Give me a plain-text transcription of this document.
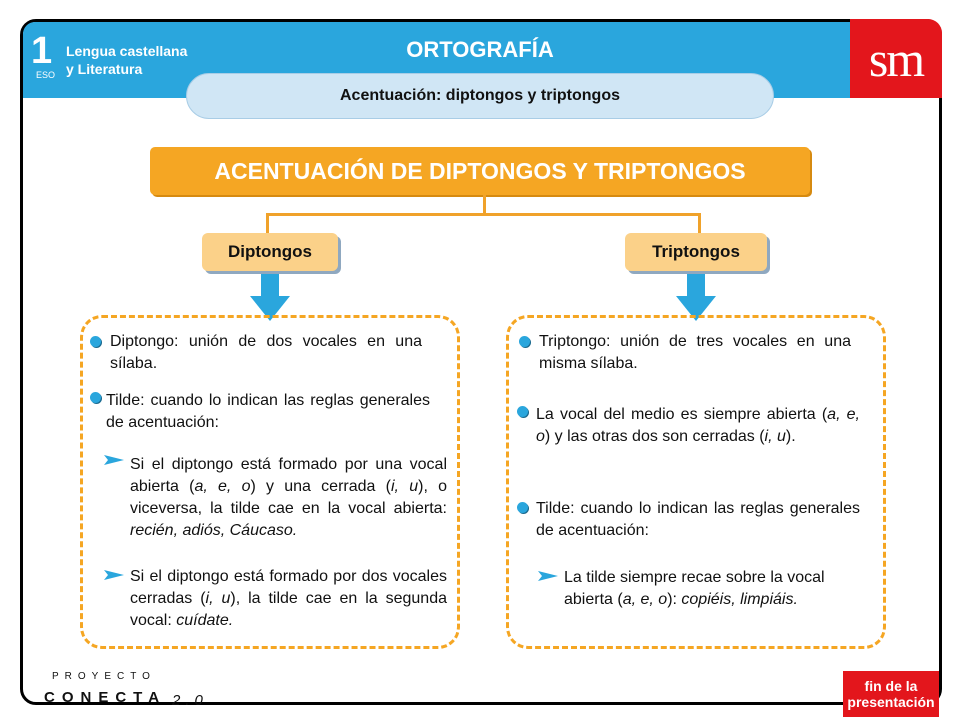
1
ESO
Lengua castellana
y Literatura
ORTOGRAFÍA
Acentuación: diptongos y triptongos
sm
ACENTUACIÓN DE DIPTONGOS Y TRIPTONGOS
Diptongos	Triptongos
Diptongo: unión de dos vocales en una sílaba.
Tilde: cuando lo indican las reglas generales de acentuación:
Si el diptongo está formado por una vocal abierta (a, e, o) y una cerrada (i, u), o viceversa, la tilde cae en la vocal abierta: recién, adiós, Cáucaso.
Si el diptongo está formado por dos vocales cerradas (i, u), la tilde cae en la segunda vocal: cuídate.
Triptongo: unión de tres vocales en una misma sílaba.
La vocal del medio es siempre abierta (a, e, o) y las otras dos son cerradas (i, u).
Tilde: cuando lo indican las reglas generales de acentuación:
La tilde siempre recae sobre la vocal abierta (a, e, o): copiéis, limpiáis.
PROYECTO
CONECTA 2.0
fin de la
presentación
